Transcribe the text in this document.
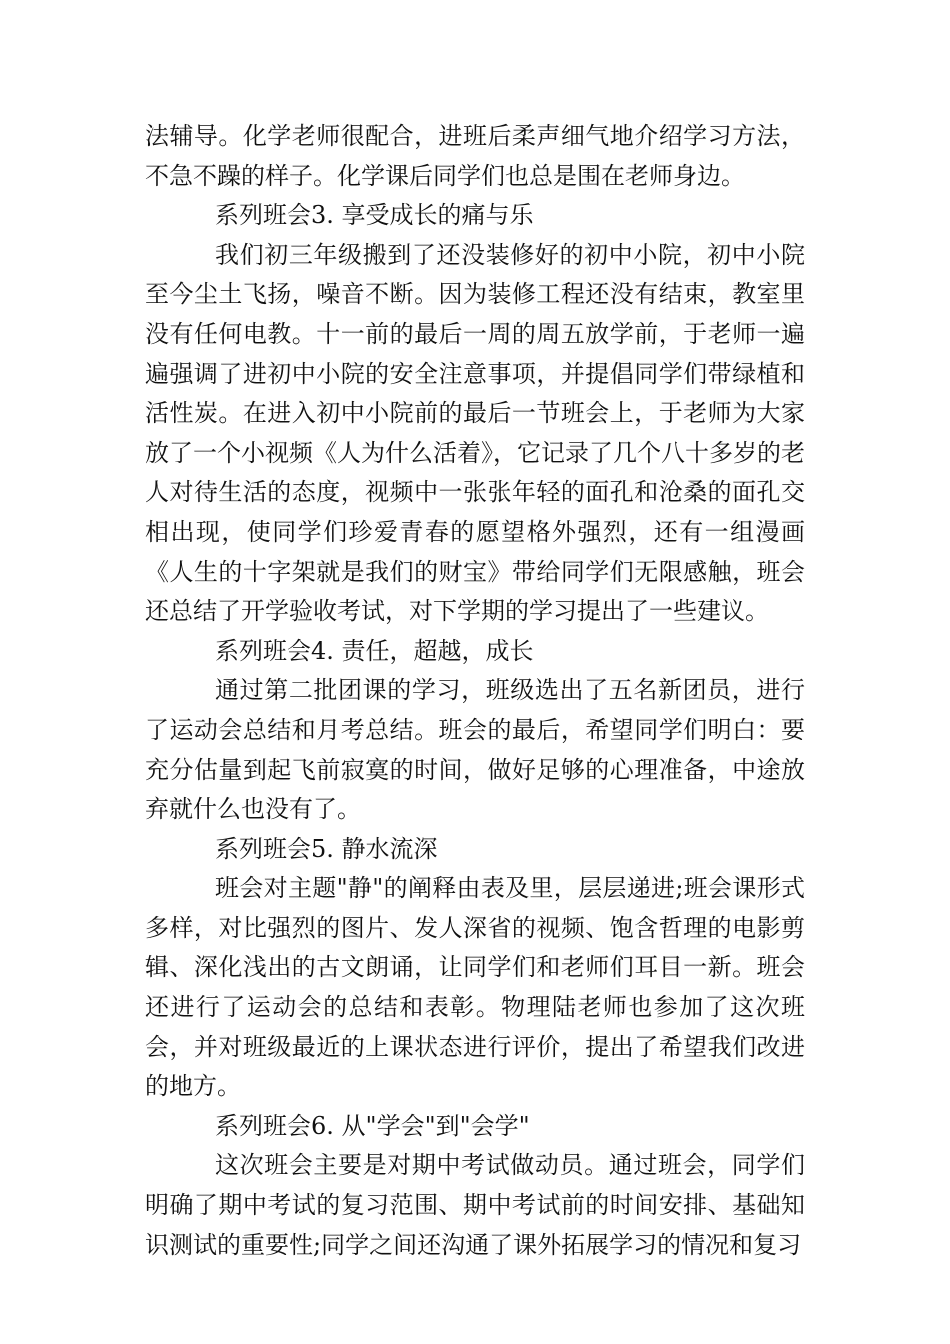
法辅导。化学老师很配合，进班后柔声细气地介绍学习方法，不急不躁的样子。化学课后同学们也总是围在老师身边。

系列班会3. 享受成长的痛与乐

我们初三年级搬到了还没装修好的初中小院，初中小院至今尘土飞扬，噪音不断。因为装修工程还没有结束，教室里没有任何电教。十一前的最后一周的周五放学前，于老师一遍遍强调了进初中小院的安全注意事项，并提倡同学们带绿植和活性炭。在进入初中小院前的最后一节班会上，于老师为大家放了一个小视频《人为什么活着》，它记录了几个八十多岁的老人对待生活的态度，视频中一张张年轻的面孔和沧桑的面孔交相出现，使同学们珍爱青春的愿望格外强烈，还有一组漫画《人生的十字架就是我们的财宝》带给同学们无限感触，班会还总结了开学验收考试，对下学期的学习提出了一些建议。

系列班会4. 责任，超越，成长

通过第二批团课的学习，班级选出了五名新团员，进行了运动会总结和月考总结。班会的最后，希望同学们明白：要充分估量到起飞前寂寞的时间，做好足够的心理准备，中途放弃就什么也没有了。

系列班会5. 静水流深

班会对主题"静"的阐释由表及里，层层递进;班会课形式多样，对比强烈的图片、发人深省的视频、饱含哲理的电影剪辑、深化浅出的古文朗诵，让同学们和老师们耳目一新。班会还进行了运动会的总结和表彰。物理陆老师也参加了这次班会，并对班级最近的上课状态进行评价，提出了希望我们改进的地方。

系列班会6. 从"学会"到"会学"

这次班会主要是对期中考试做动员。通过班会，同学们明确了期中考试的复习范围、期中考试前的时间安排、基础知识测试的重要性;同学之间还沟通了课外拓展学习的情况和复习
